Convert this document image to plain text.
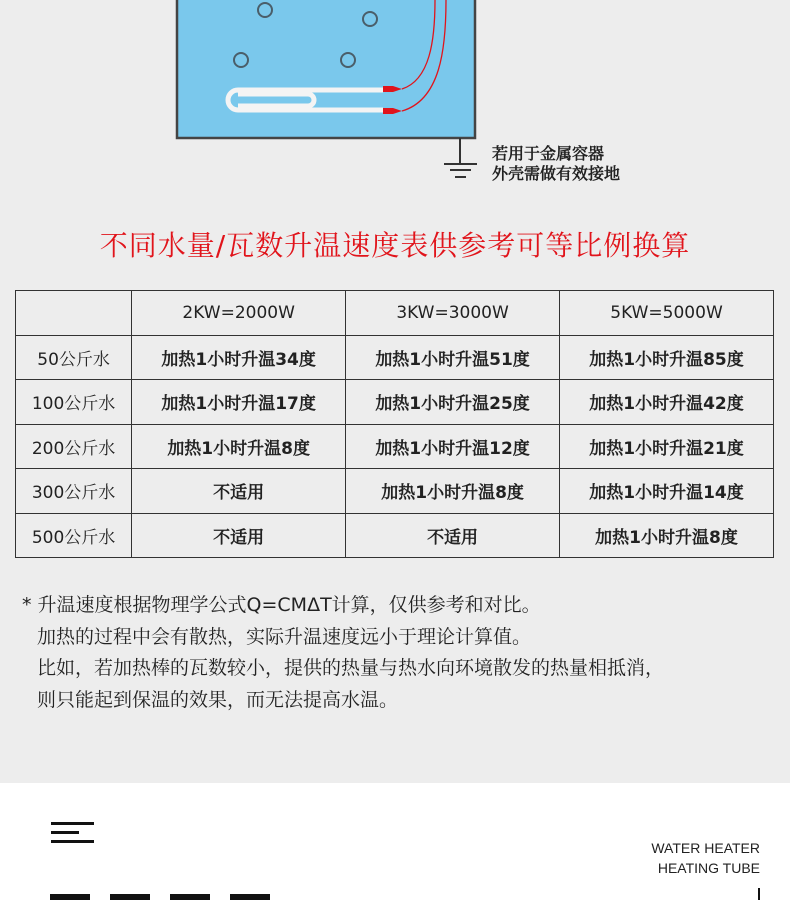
若用于金属容器
外壳需做有效接地
不同水量/瓦数升温速度表供参考可等比例换算
	2KW=2000W	3KW=3000W	5KW=5000W
50公斤水	加热1小时升温34度	加热1小时升温51度	加热1小时升温85度
100公斤水	加热1小时升温17度	加热1小时升温25度	加热1小时升温42度
200公斤水	加热1小时升温8度	加热1小时升温12度	加热1小时升温21度
300公斤水	不适用	加热1小时升温8度	加热1小时升温14度
500公斤水	不适用	不适用	加热1小时升温8度
* 升温速度根据物理学公式Q=CMΔT计算，仅供参考和对比。
加热的过程中会有散热，实际升温速度远小于理论计算值。
比如，若加热棒的瓦数较小，提供的热量与热水向环境散发的热量相抵消，
则只能起到保温的效果，而无法提高水温。
WATER HEATER
HEATING TUBE
